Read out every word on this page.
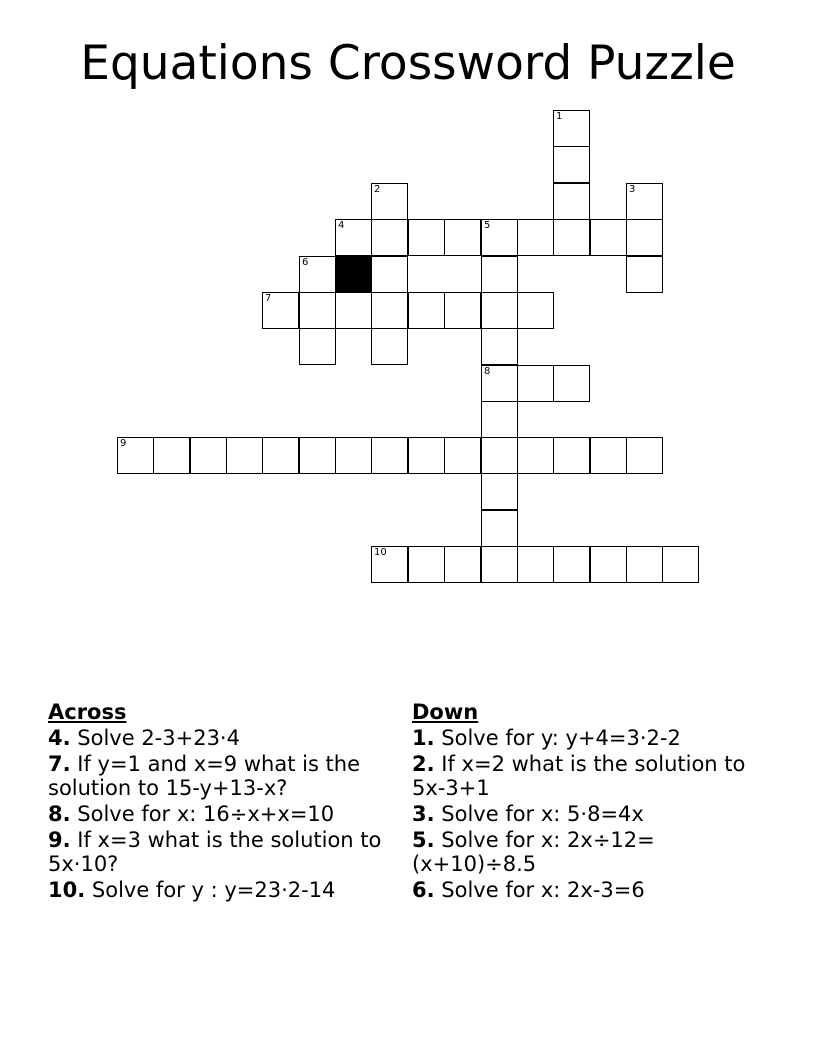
Equations Crossword Puzzle
1
2	3
4	5
6
7
8
9
10
Across
4. Solve 2-3+23·4
7. If y=1 and x=9 what is the solution to 15-y+13-x?
8. Solve for x: 16÷x+x=10
9. If x=3 what is the solution to 5x·10?
10. Solve for y : y=23·2-14
Down
1. Solve for y: y+4=3·2-2
2. If x=2 what is the solution to 5x-3+1
3. Solve for x: 5·8=4x
5. Solve for x: 2x÷12=(x+10)÷8.5
6. Solve for x: 2x-3=6
